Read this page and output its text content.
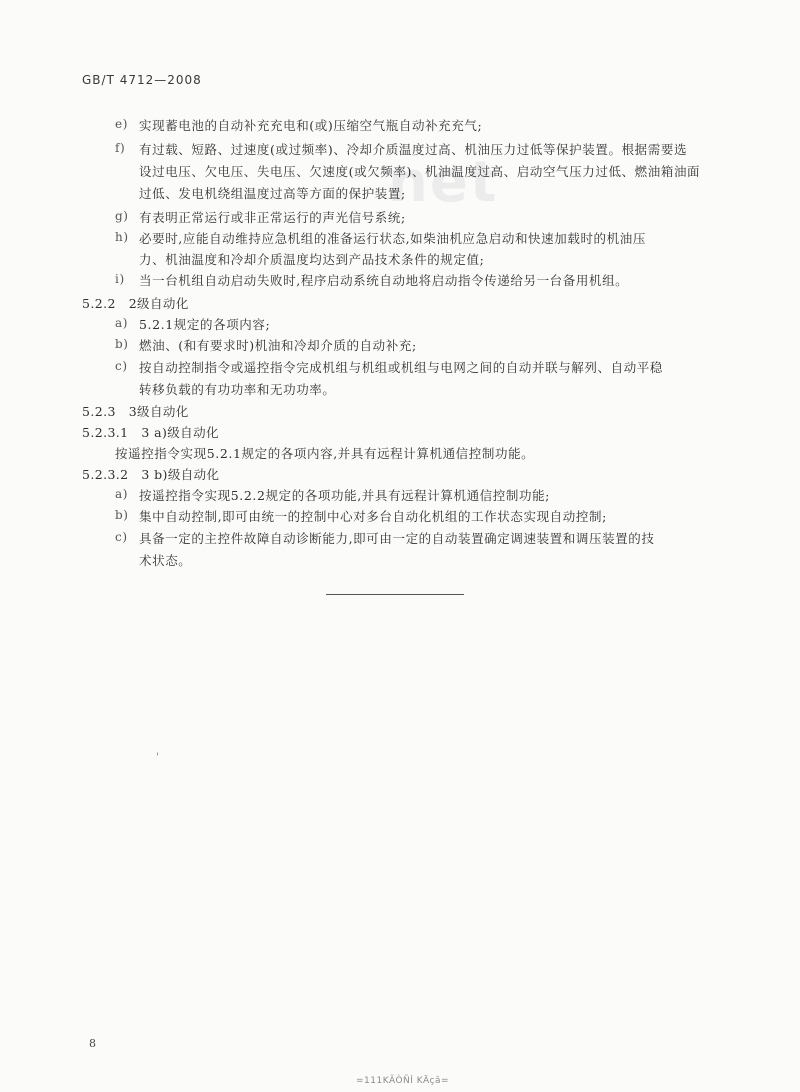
GB/T 4712—2008
net
e) 实现蓄电池的自动补充充电和(或)压缩空气瓶自动补充充气;
f) 有过载、短路、过速度(或过频率)、冷却介质温度过高、机油压力过低等保护装置。根据需要选
设过电压、欠电压、失电压、欠速度(或欠频率)、机油温度过高、启动空气压力过低、燃油箱油面
过低、发电机绕组温度过高等方面的保护装置;
g) 有表明正常运行或非正常运行的声光信号系统;
h) 必要时,应能自动维持应急机组的准备运行状态,如柴油机应急启动和快速加载时的机油压
力、机油温度和冷却介质温度均达到产品技术条件的规定值;
i) 当一台机组自动启动失败时,程序启动系统自动地将启动指令传递给另一台备用机组。
5.2.2　2级自动化
a) 5.2.1规定的各项内容;
b) 燃油、(和有要求时)机油和冷却介质的自动补充;
c) 按自动控制指令或遥控指令完成机组与机组或机组与电网之间的自动并联与解列、自动平稳
转移负载的有功功率和无功功率。
5.2.3　3级自动化
5.2.3.1　3 a)级自动化
按遥控指令实现5.2.1规定的各项内容,并具有远程计算机通信控制功能。
5.2.3.2　3 b)级自动化
a) 按遥控指令实现5.2.2规定的各项功能,并具有远程计算机通信控制功能;
b) 集中自动控制,即可由统一的控制中心对多台自动化机组的工作状态实现自动控制;
c) 具备一定的主控件故障自动诊断能力,即可由一定的自动装置确定调速装置和调压装置的技
术状态。
'
8
=111KÃÒÑİ KÄçâ=
